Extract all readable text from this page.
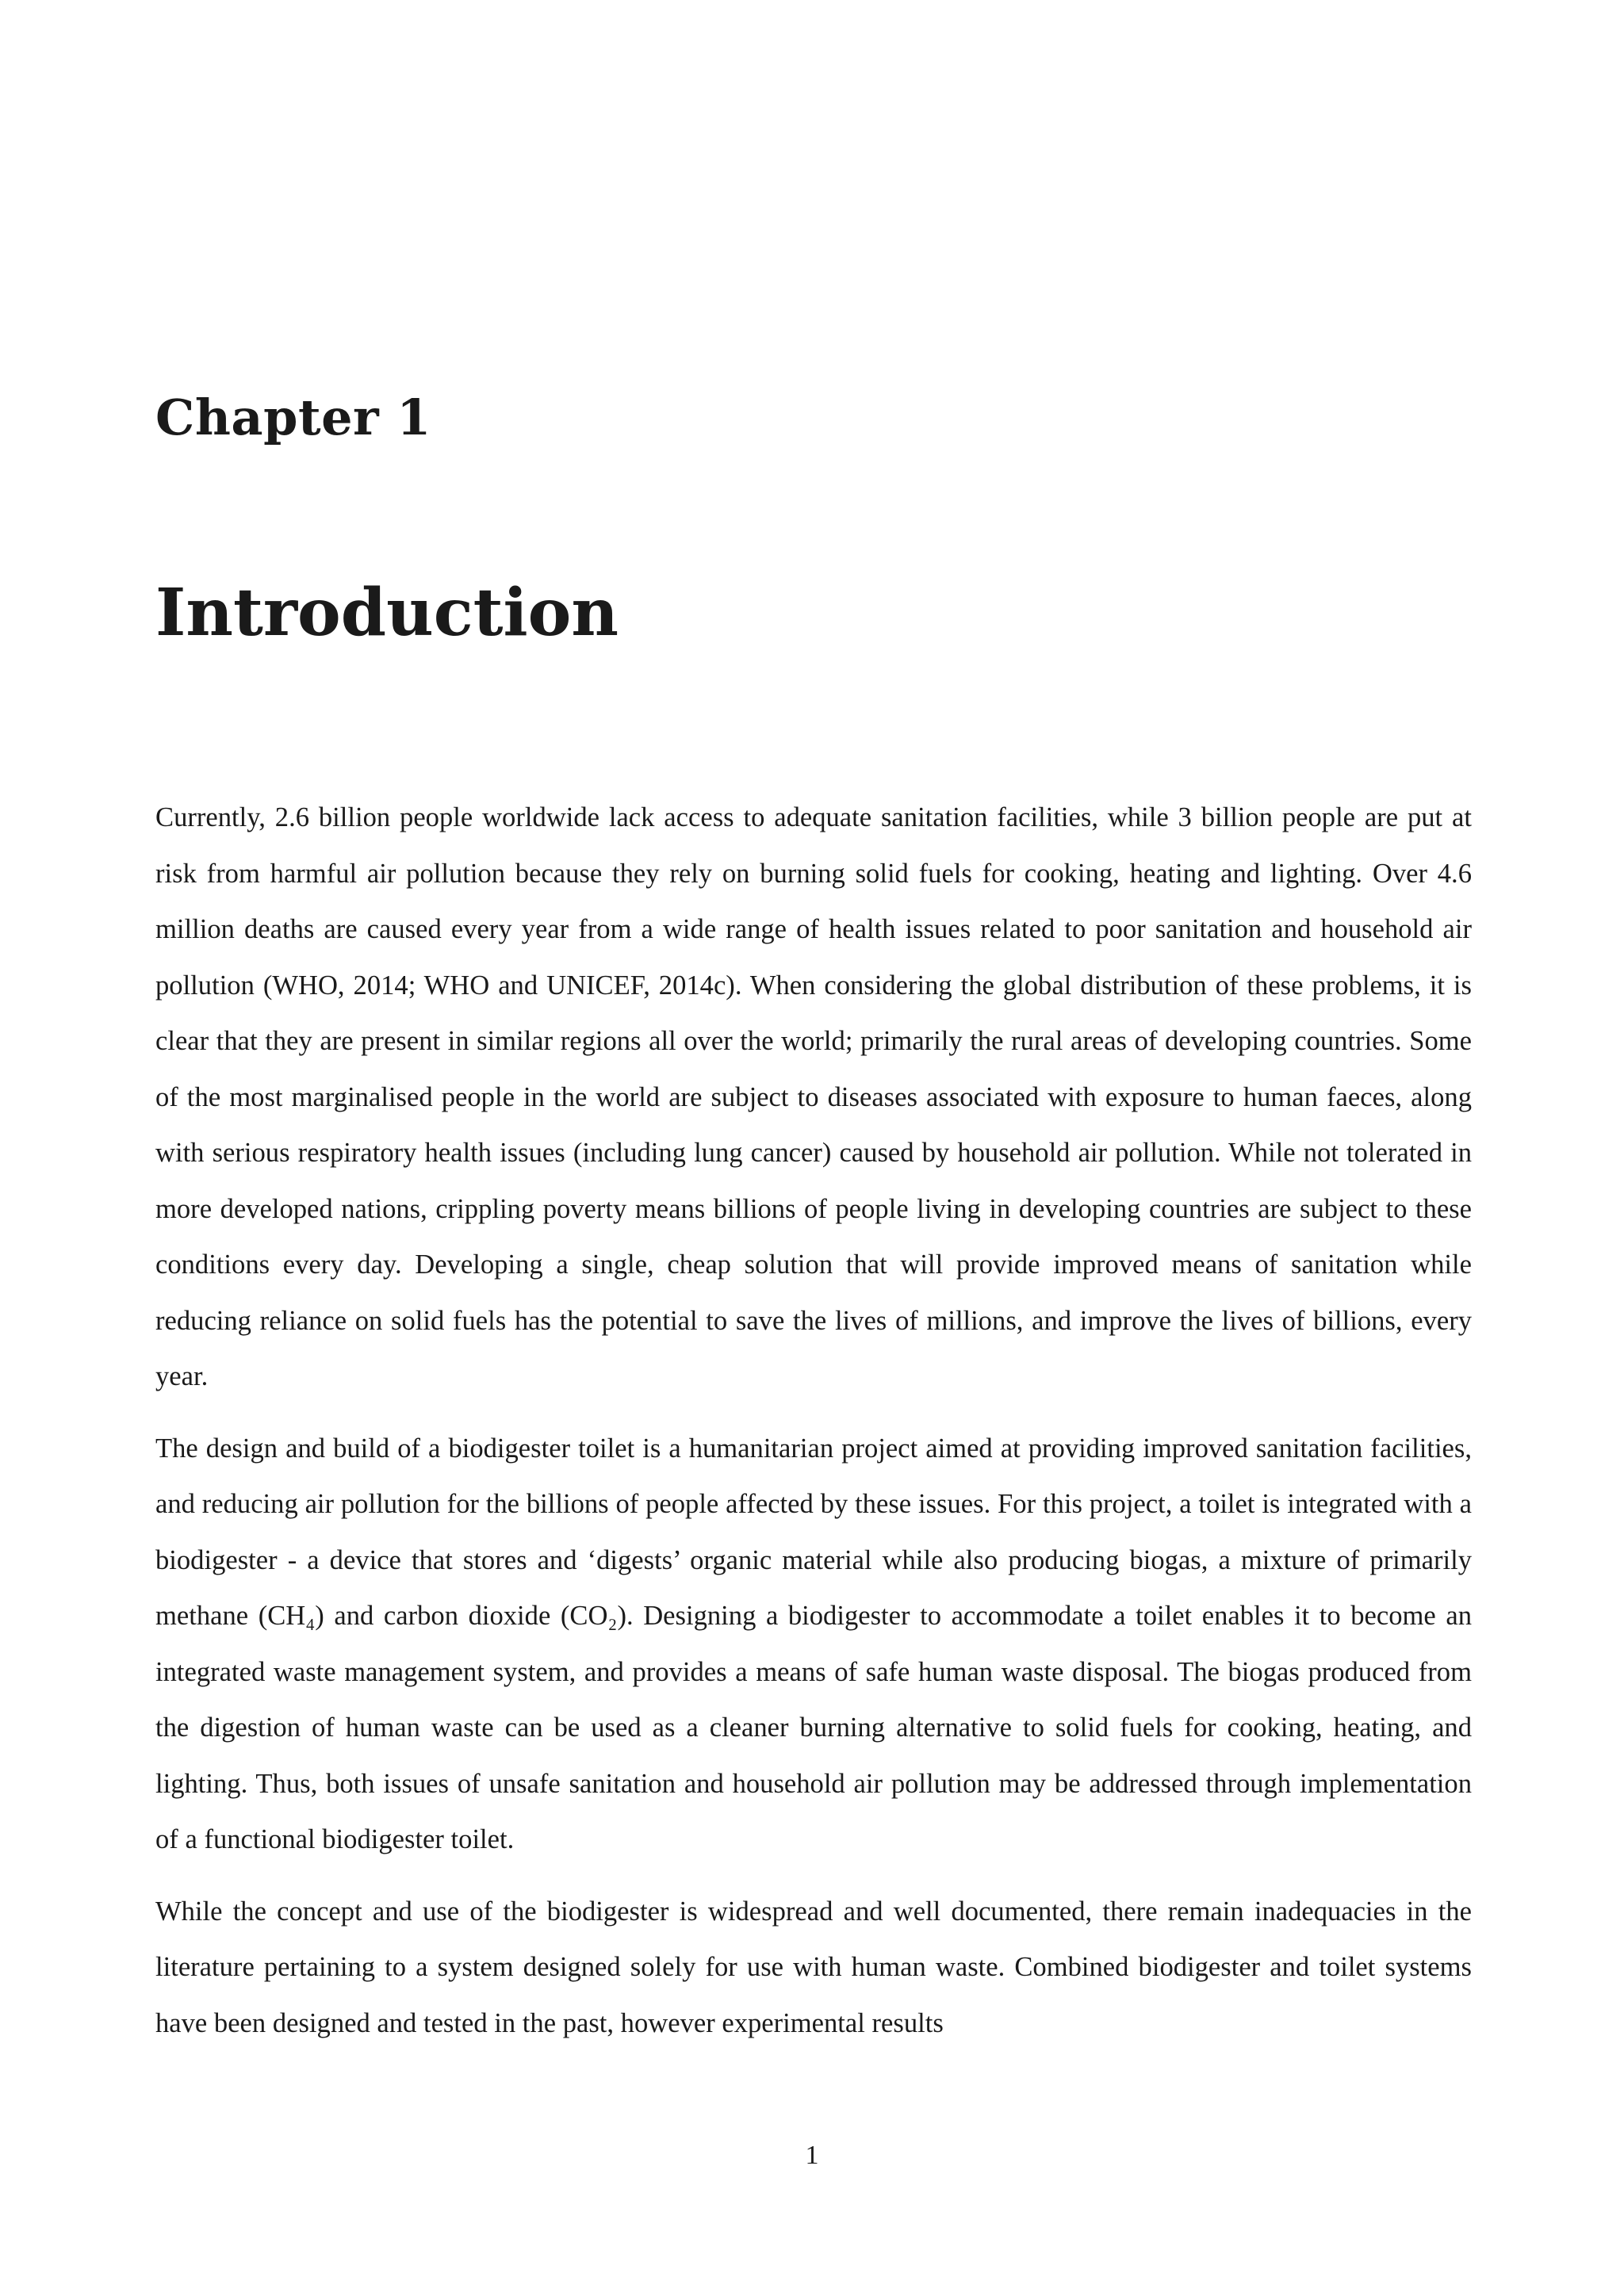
Chapter 1
Introduction

Currently, 2.6 billion people worldwide lack access to adequate sanitation facilities, while 3 billion people are put at risk from harmful air pollution because they rely on burning solid fuels for cooking, heating and lighting. Over 4.6 million deaths are caused every year from a wide range of health issues related to poor sanitation and household air pollution (WHO, 2014; WHO and UNICEF, 2014c). When considering the global distribution of these problems, it is clear that they are present in similar regions all over the world; primarily the rural areas of developing countries. Some of the most marginalised people in the world are subject to diseases associated with exposure to human faeces, along with serious respiratory health issues (including lung cancer) caused by household air pollution. While not tolerated in more developed nations, crippling poverty means billions of people living in developing countries are subject to these conditions every day. Developing a single, cheap solution that will provide improved means of sanitation while reducing reliance on solid fuels has the potential to save the lives of millions, and improve the lives of billions, every year.

The design and build of a biodigester toilet is a humanitarian project aimed at providing improved sanitation facilities, and reducing air pollution for the billions of people affected by these issues. For this project, a toilet is integrated with a biodigester - a device that stores and ‘digests’ organic material while also producing biogas, a mixture of primarily methane (CH₄) and carbon dioxide (CO₂). Designing a biodigester to accommodate a toilet enables it to become an integrated waste management system, and provides a means of safe human waste disposal. The biogas produced from the digestion of human waste can be used as a cleaner burning alternative to solid fuels for cooking, heating, and lighting. Thus, both issues of unsafe sanitation and household air pollution may be addressed through implementation of a functional biodigester toilet.

While the concept and use of the biodigester is widespread and well documented, there remain inadequacies in the literature pertaining to a system designed solely for use with human waste. Combined biodigester and toilet systems have been designed and tested in the past, however experimental results

1
